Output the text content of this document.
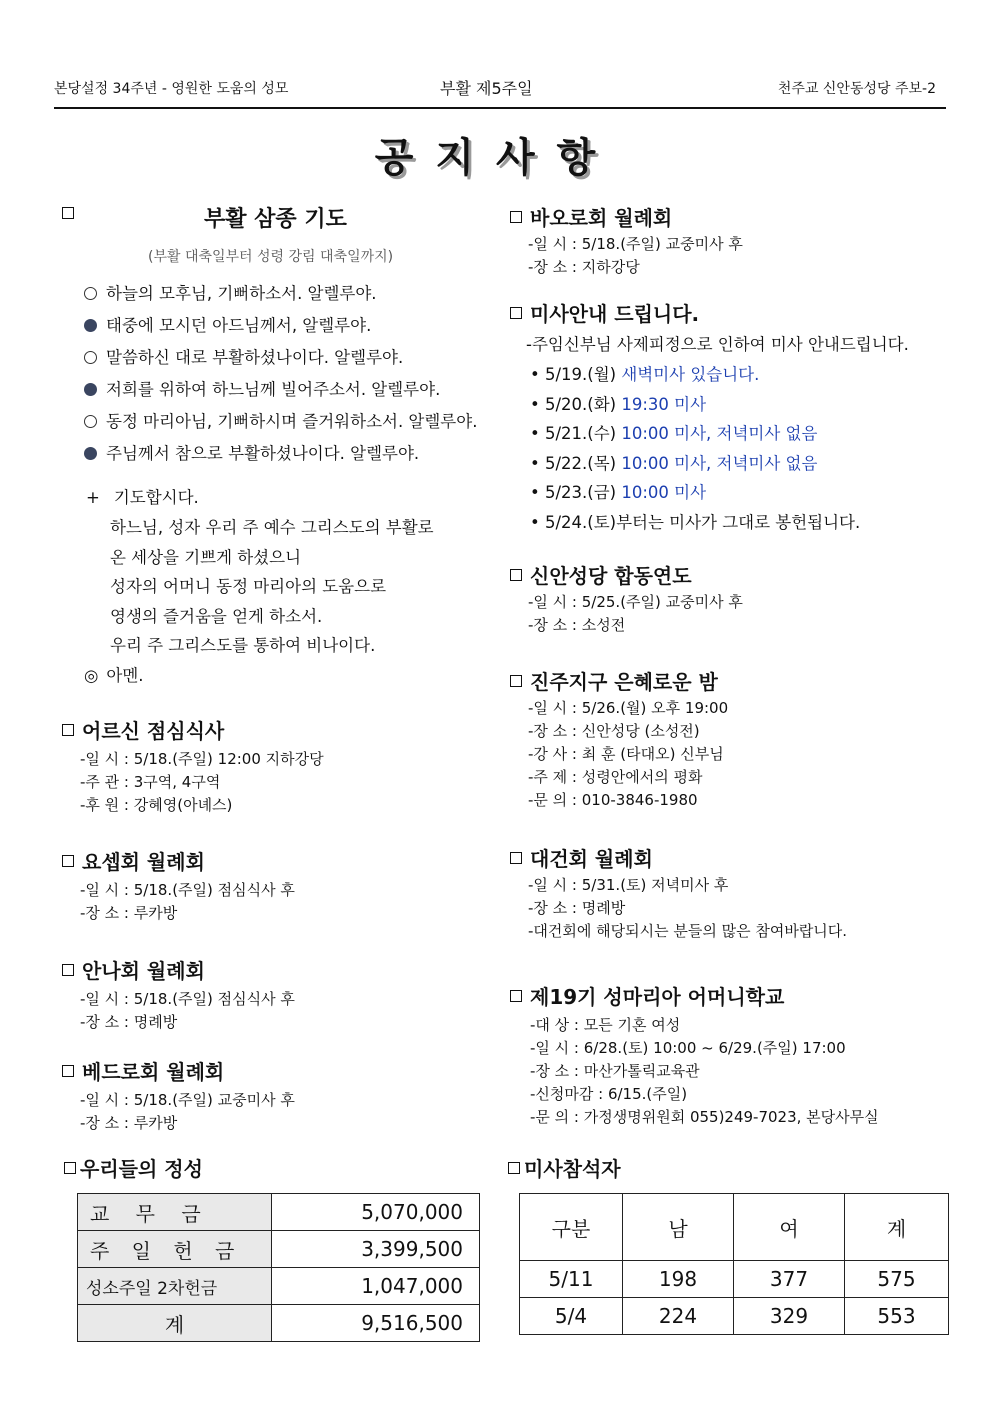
본당설정 34주년 - 영원한 도움의 성모	부활 제5주일	천주교 신안동성당 주보-2
공지사항
부활 삼종 기도
(부활 대축일부터 성령 강림 대축일까지)
하늘의 모후님, 기뻐하소서. 알렐루야.
태중에 모시던 아드님께서, 알렐루야.
말씀하신 대로 부활하셨나이다. 알렐루야.
저희를 위하여 하느님께 빌어주소서. 알렐루야.
동정 마리아님, 기뻐하시며 즐거워하소서. 알렐루야.
주님께서 참으로 부활하셨나이다. 알렐루야.
+ 기도합시다.
하느님, 성자 우리 주 예수 그리스도의 부활로
온 세상을 기쁘게 하셨으니
성자의 어머니 동정 마리아의 도움으로
영생의 즐거움을 얻게 하소서.
우리 주 그리스도를 통하여 비나이다.
◎ 아멘.
어르신 점심식사
-일 시 : 5/18.(주일) 12:00 지하강당
-주 관 : 3구역, 4구역
-후 원 : 강혜영(아녜스)
요셉회 월례회
-일 시 : 5/18.(주일) 점심식사 후
-장 소 : 루카방
안나회 월례회
-일 시 : 5/18.(주일) 점심식사 후
-장 소 : 명례방
베드로회 월례회
-일 시 : 5/18.(주일) 교중미사 후
-장 소 : 루카방
우리들의 정성
교 무 금	5,070,000
주 일 헌 금	3,399,500
성소주일 2차헌금	1,047,000
계	9,516,500
바오로회 월례회
-일 시 : 5/18.(주일) 교중미사 후
-장 소 : 지하강당
미사안내 드립니다.
-주임신부님 사제피정으로 인하여 미사 안내드립니다.
• 5/19.(월) 새벽미사 있습니다.
• 5/20.(화) 19:30 미사
• 5/21.(수) 10:00 미사, 저녁미사 없음
• 5/22.(목) 10:00 미사, 저녁미사 없음
• 5/23.(금) 10:00 미사
• 5/24.(토)부터는 미사가 그대로 봉헌됩니다.
신안성당 합동연도
-일 시 : 5/25.(주일) 교중미사 후
-장 소 : 소성전
진주지구 은혜로운 밤
-일 시 : 5/26.(월) 오후 19:00
-장 소 : 신안성당 (소성전)
-강 사 : 최 훈 (타대오) 신부님
-주 제 : 성령안에서의 평화
-문 의 : 010-3846-1980
대건회 월례회
-일 시 : 5/31.(토) 저녁미사 후
-장 소 : 명례방
-대건회에 해당되시는 분들의 많은 참여바랍니다.
제19기 성마리아 어머니학교
-대 상 : 모든 기혼 여성
-일 시 : 6/28.(토) 10:00 ~ 6/29.(주일) 17:00
-장 소 : 마산가톨릭교육관
-신청마감 : 6/15.(주일)
-문 의 : 가정생명위원회 055)249-7023, 본당사무실
미사참석자
구분	남	여	계
5/11	198	377	575
5/4	224	329	553
